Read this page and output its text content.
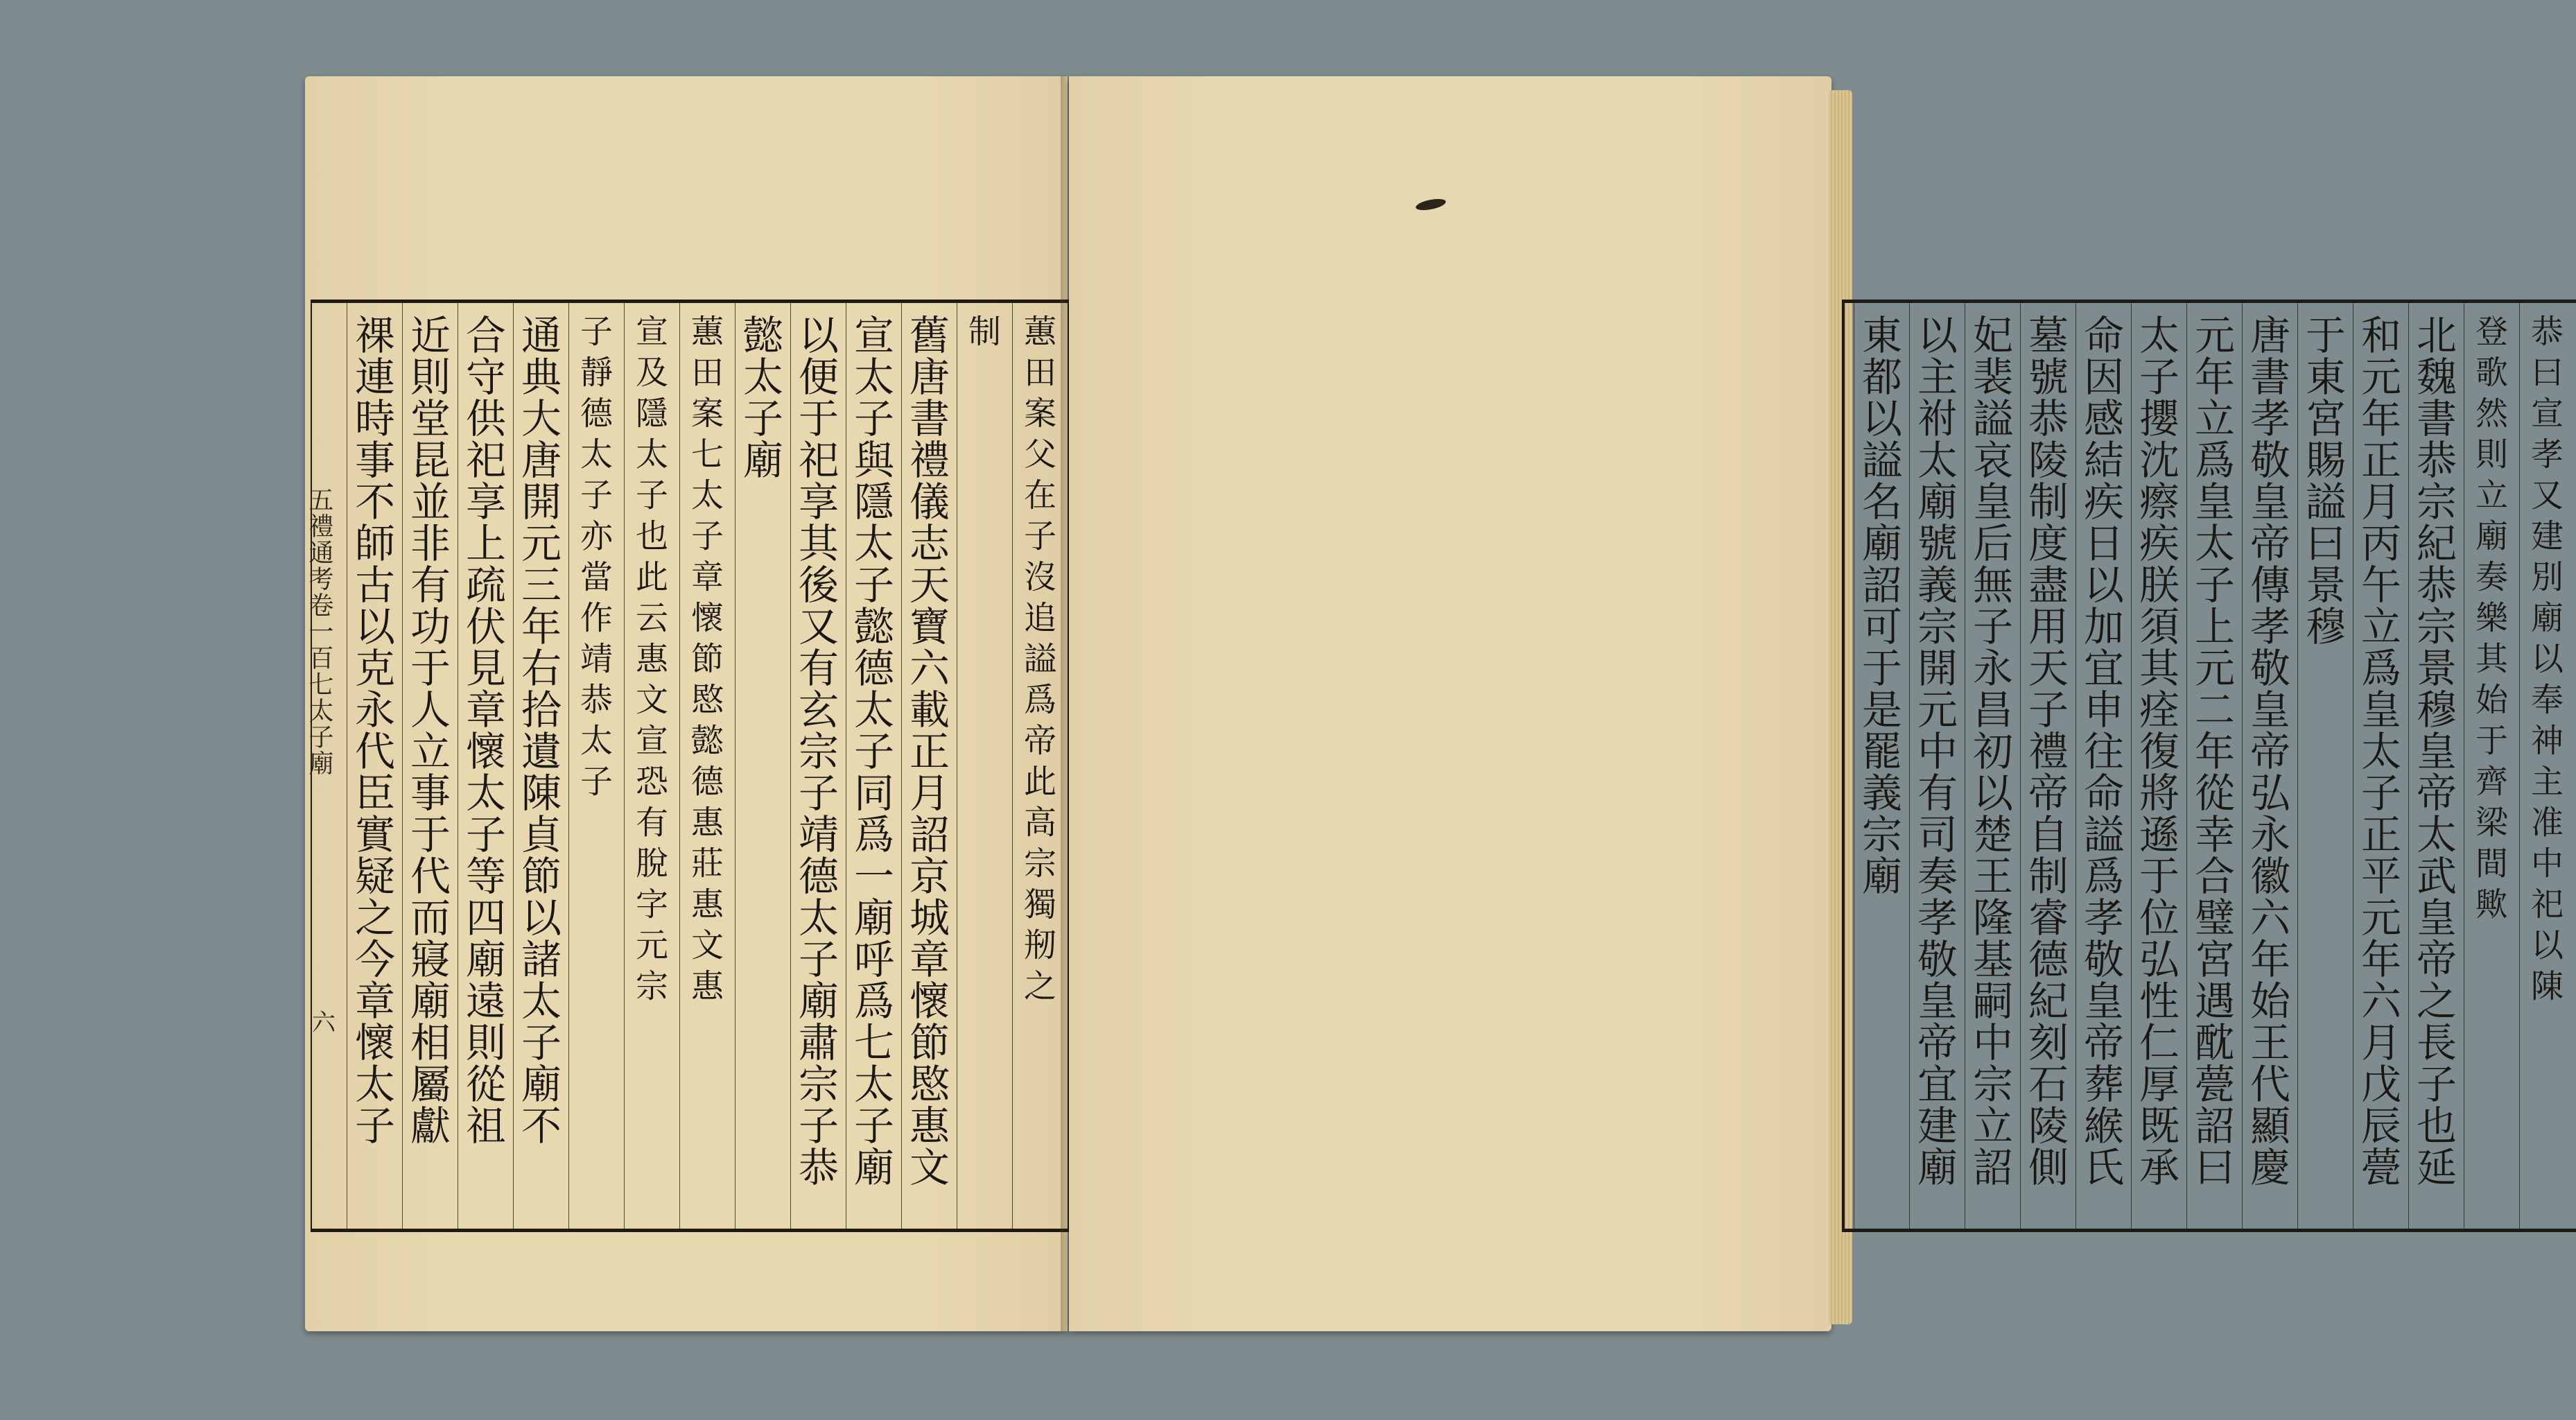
五禮通考卷一百七太子廟
六
蕙田案父在子沒追謚爲帝此高宗獨剏之
制
舊唐書禮儀志天寶六載正月詔京城章懷節愍惠文
宣太子與隱太子懿德太子同爲一廟呼爲七太子廟
以便于祀享其後又有玄宗子靖德太子廟肅宗子恭
懿太子廟
蕙田案七太子章懷節愍懿德惠莊惠文惠
宣及隱太子也此云惠文宣恐有脫字元宗
子靜德太子亦當作靖恭太子
通典大唐開元三年右拾遺陳貞節以諸太子廟不
合守供祀享上疏伏見章懷太子等四廟遠則從祖
近則堂昆並非有功于人立事于代而寢廟相屬獻
祼連時事不師古以克永代臣實疑之今章懷太子	恭曰宣孝又建別廟以奉神主准中祀以陳
登歌然則立廟奏樂其始于齊梁間歟
北魏書恭宗紀恭宗景穆皇帝太武皇帝之長子也延
和元年正月丙午立爲皇太子正平元年六月戊辰甍
于東宮賜謚曰景穆
唐書孝敬皇帝傳孝敬皇帝弘永徽六年始王代顯慶
元年立爲皇太子上元二年從幸合璧宮遇酖甍詔曰
太子攖沈瘵疾朕須其痊復將遜于位弘性仁厚既承
命因感結疾日以加宜申往命謚爲孝敬皇帝葬緱氏
墓號恭陵制度盡用天子禮帝自制睿德紀刻石陵側
妃裴謚哀皇后無子永昌初以楚王隆基嗣中宗立詔
以主祔太廟號義宗開元中有司奏孝敬皇帝宜建廟
東都以謚名廟詔可于是罷義宗廟
